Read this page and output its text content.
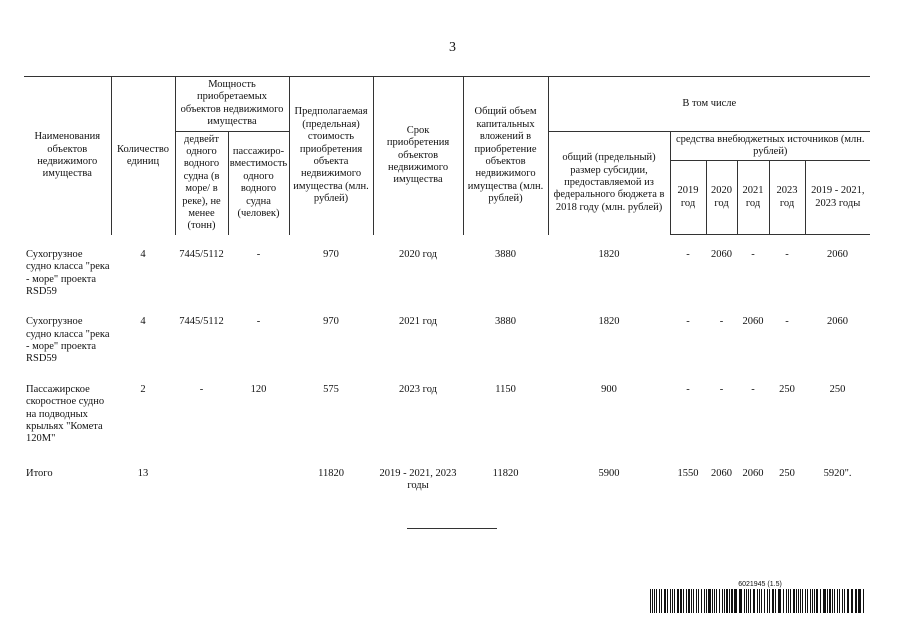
3
Наименования объектов недвижимого имущества	Количество единиц	Мощность приобретаемых объектов недвижимого имущества		Предполагаемая (предельная) стоимость приобретения объекта недвижимого имущества (млн. рублей)	Срок приобретения объектов недвижимого имущества	Общий объем капитальных вложений в приобретение объектов недвижимого имущества (млн. рублей)	В том числе					
		дедвейт одного водного судна (в море/ в реке), не менее (тонн)	пассажиро-вместимость одного водного судна (человек)				общий (предельный) размер субсидии, предоставляемой из федерального бюджета в 2018 году (млн. рублей)	средства внебюджетных источников (млн. рублей)				
								2019 год	2020 год	2021 год	2023 год	2019 - 2021, 2023 годы
Сухогрузное судно класса "река - море" проекта RSD59	4	7445/5112	-	970	2020 год	3880	1820	-	2060	-	-	2060
Сухогрузное судно класса "река - море" проекта RSD59	4	7445/5112	-	970	2021 год	3880	1820	-	-	2060	-	2060
Пассажирское скоростное судно на подводных крыльях "Комета 120М"	2	-	120	575	2023 год	1150	900	-	-	-	250	250
Итого	13			11820	2019 - 2021, 2023 годы	11820	5900	1550	2060	2060	250	5920".
6021945 (1.5)
